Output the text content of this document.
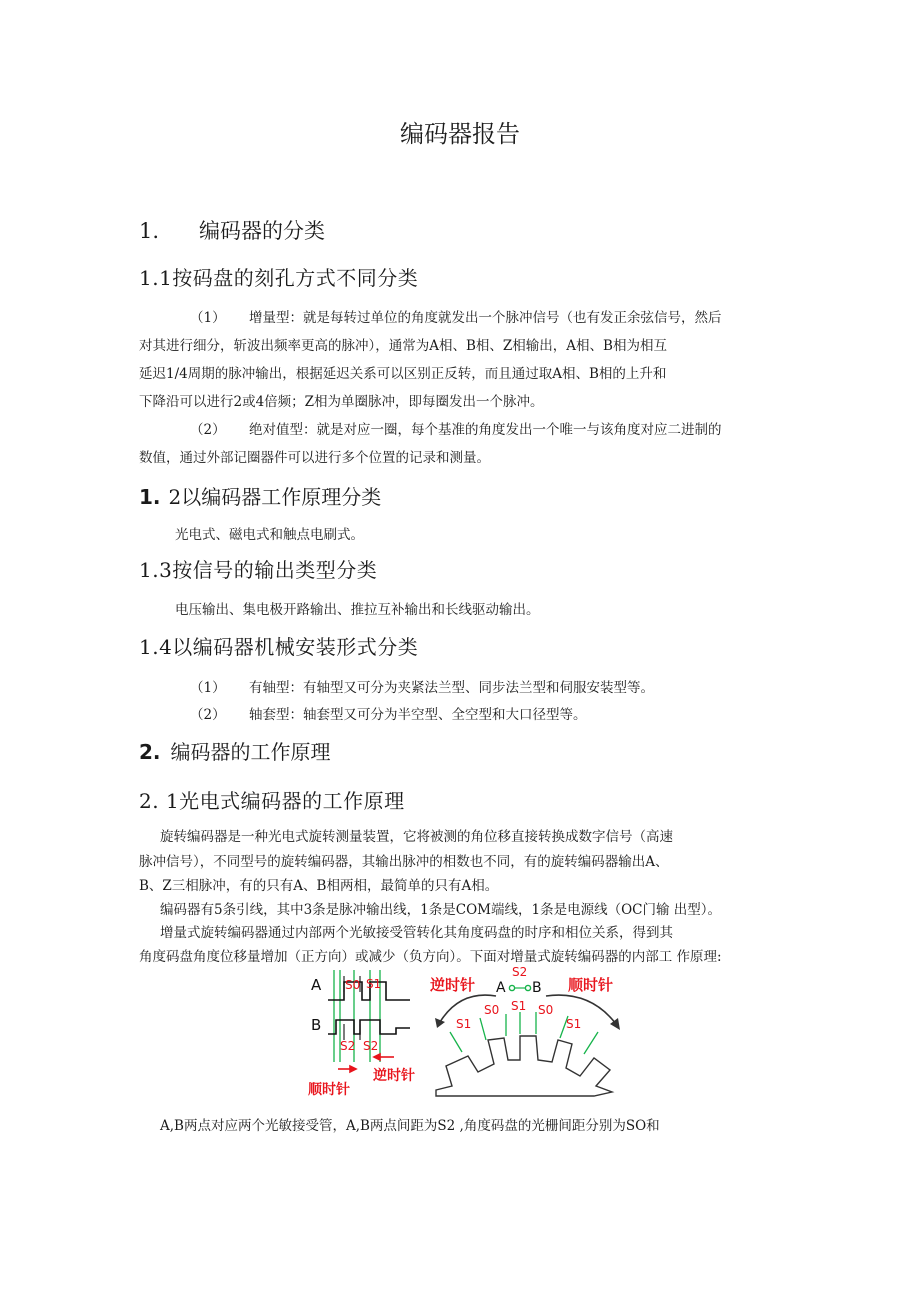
编码器报告
1. 编码器的分类
1.1按码盘的刻孔方式不同分类
（1） 增量型：就是每转过单位的角度就发出一个脉冲信号（也有发正余弦信号，然后
对其进行细分，斩波出频率更高的脉冲），通常为A相、B相、Z相输出，A相、B相为相互
延迟1/4周期的脉冲输出，根据延迟关系可以区别正反转，而且通过取A相、B相的上升和
下降沿可以进行2或4倍频；Z相为单圈脉冲，即每圈发出一个脉冲。
（2） 绝对值型：就是对应一圈，每个基准的角度发出一个唯一与该角度对应二进制的
数值，通过外部记圈器件可以进行多个位置的记录和测量。
1. 2以编码器工作原理分类
光电式、磁电式和触点电刷式。
1.3按信号的输出类型分类
电压输出、集电极开路输出、推拉互补输出和长线驱动输出。
1.4以编码器机械安装形式分类
（1） 有轴型：有轴型又可分为夹紧法兰型、同步法兰型和伺服安装型等。
（2） 轴套型：轴套型又可分为半空型、全空型和大口径型等。
2. 编码器的工作原理
2. 1光电式编码器的工作原理
旋转编码器是一种光电式旋转测量装置，它将被测的角位移直接转换成数字信号（高速
脉冲信号），不同型号的旋转编码器，其输出脉冲的相数也不同，有的旋转编码器输出A、
B、Z三相脉冲，有的只有A、B相两相，最简单的只有A相。
编码器有5条引线，其中3条是脉冲输出线，1条是COM端线，1条是电源线（OC门输 出型）。
增量式旋转编码器通过内部两个光敏接受管转化其角度码盘的时序和相位关系，得到其
角度码盘角度位移量增加（正方向）或减少（负方向）。下面对增量式旋转编码器的内部工 作原理:
A
B
S0 S1
S2 S2
顺时针
逆时针
S1
S0 S1 S0
S1
A B
S2
逆时针	顺时针
A,B两点对应两个光敏接受管，A,B两点间距为S2 ,角度码盘的光栅间距分别为SO和
